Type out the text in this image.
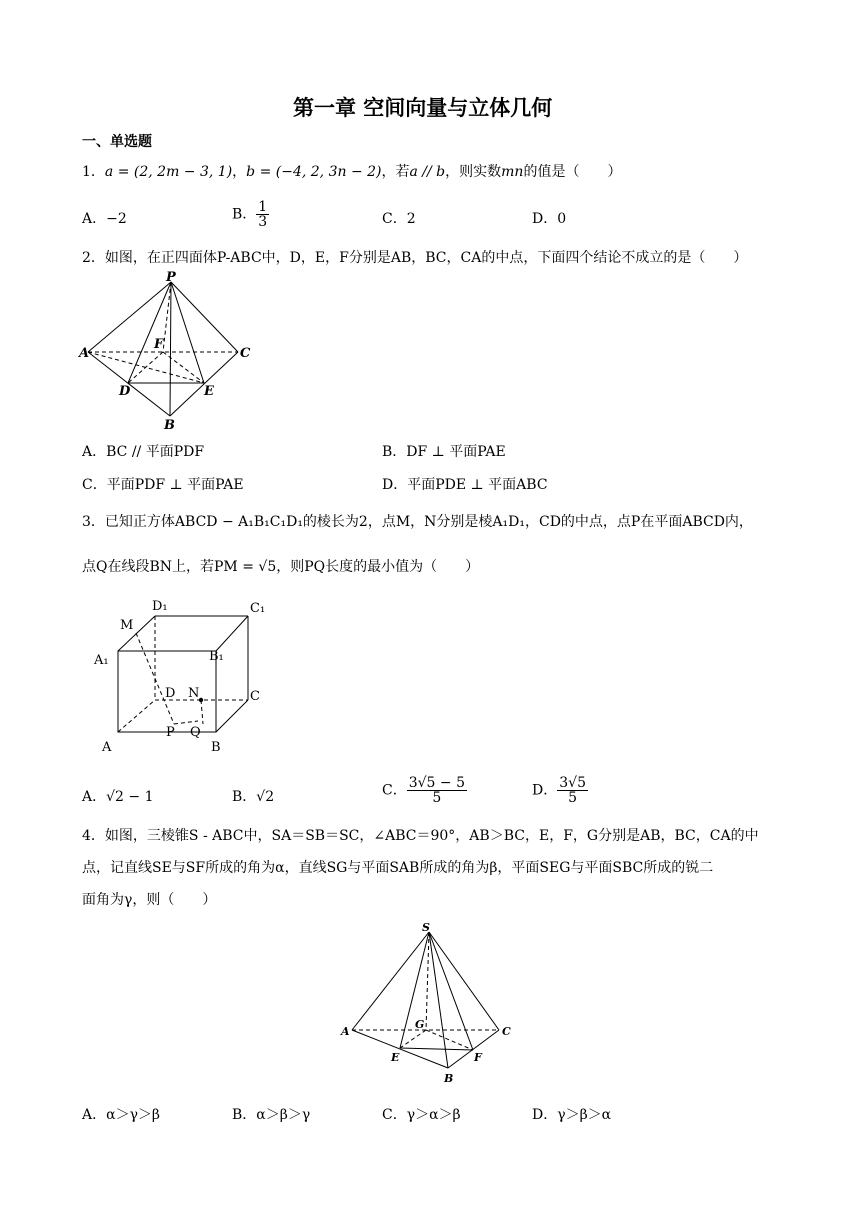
第一章 空间向量与立体几何
一、单选题
1．a = (2, 2m − 3, 1)，b = (−4, 2, 3n − 2)，若a // b，则实数mn的值是（　　）
A．−2	B． $\frac{1}{3}$	C．2	D．0
2．如图，在正四面体P-ABC中，D，E，F分别是AB，BC，CA的中点，下面四个结论不成立的是（　　）
P
A	C
F
D	E
B
A．BC // 平面PDF	B．DF ⊥ 平面PAE
C．平面PDF ⊥ 平面PAE	D．平面PDE ⊥ 平面ABC
3．已知正方体ABCD − A₁B₁C₁D₁的棱长为2，点M，N分别是棱A₁D₁，CD的中点，点P在平面ABCD内，
点Q在线段BN上，若PM = √5，则PQ长度的最小值为（　　）
D₁	C₁
M
A₁	B₁
D N	C
A
P Q
B
A．√2 − 1	B．√2	C． $\frac{3√5 - 5}{5}$	D． $\frac{3√5}{5}$
4．如图，三棱锥S - ABC中，SA＝SB＝SC，∠ABC＝90°，AB＞BC，E，F，G分别是AB，BC，CA的中
点，记直线SE与SF所成的角为α，直线SG与平面SAB所成的角为β，平面SEG与平面SBC所成的锐二
面角为γ，则（　　）
S
A
G
C
E	F
B
A．α＞γ＞β	B．α＞β＞γ	C．γ＞α＞β	D．γ＞β＞α
